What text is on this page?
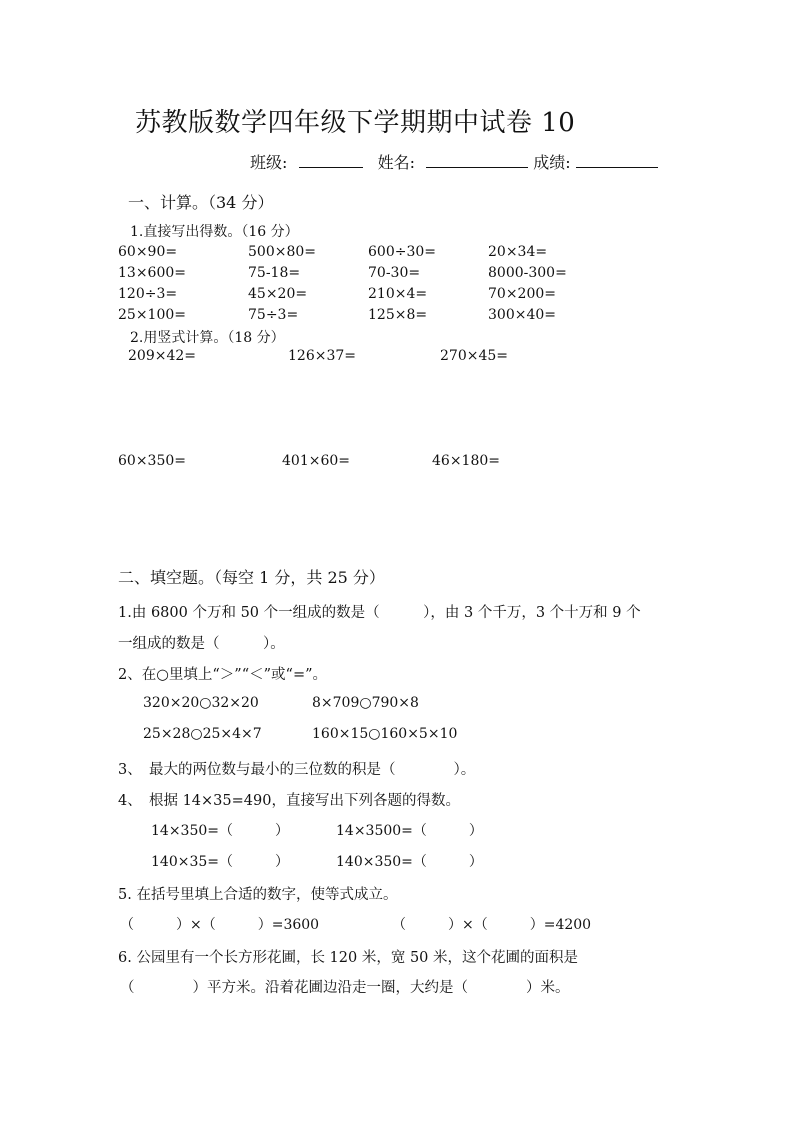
苏教版数学四年级下学期期中试卷 10
班级:	姓名:	成绩:
一、计算。（34 分）
1.直接写出得数。（16 分）
60×90=	500×80=	600÷30=	20×34=
13×600=	75-18=	70-30=	8000-300=
120÷3=	45×20=	210×4=	70×200=
25×100=	75÷3=	125×8=	300×40=
2.用竖式计算。（18 分）
209×42=	126×37=	270×45=
60×350=	401×60=	46×180=
二、填空题。（每空 1 分，共 25 分）
1.由 6800 个万和 50 个一组成的数是（　　　），由 3 个千万，3 个十万和 9 个
一组成的数是（　　　）。
2、在○里填上“＞”“＜”或“=”。
320×20○32×20	8×709○790×8
25×28○25×4×7	160×15○160×5×10
3、　最大的两位数与最小的三位数的积是（　　　　）。
4、　根据 14×35=490，直接写出下列各题的得数。
14×350=（　　　）	14×3500=（　　　）
140×35=（　　　）	140×350=（　　　）
5. 在括号里填上合适的数字，使等式成立。
（　　　）×（　　　）=3600	（　　　）×（　　　）=4200
6. 公园里有一个长方形花圃，长 120 米，宽 50 米，这个花圃的面积是
（　　　　）平方米。沿着花圃边沿走一圈，大约是（　　　　）米。
